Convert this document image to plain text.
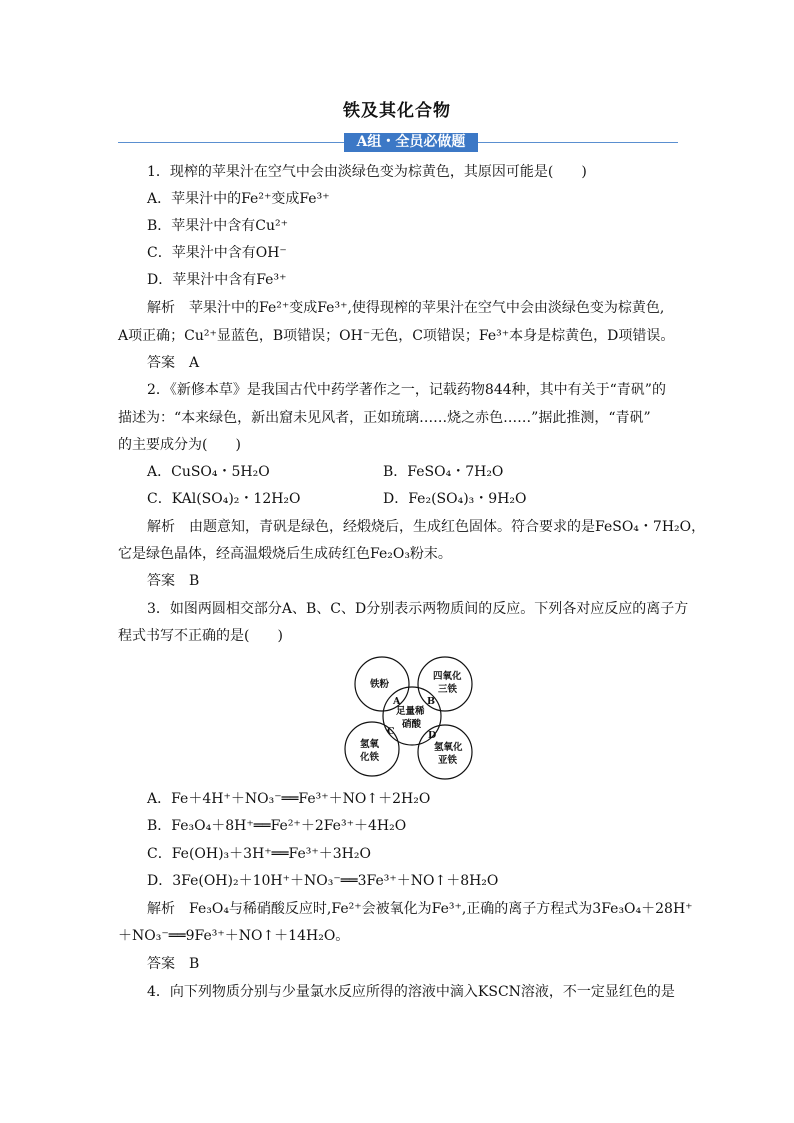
铁及其化合物
A组・全员必做题
1．现榨的苹果汁在空气中会由淡绿色变为棕黄色，其原因可能是(　　)
A．苹果汁中的Fe²⁺变成Fe³⁺
B．苹果汁中含有Cu²⁺
C．苹果汁中含有OH⁻
D．苹果汁中含有Fe³⁺
解析　苹果汁中的Fe²⁺变成Fe³⁺,使得现榨的苹果汁在空气中会由淡绿色变为棕黄色,
A项正确；Cu²⁺显蓝色，B项错误；OH⁻无色，C项错误；Fe³⁺本身是棕黄色，D项错误。
答案　A
2．《新修本草》是我国古代中药学著作之一，记载药物844种，其中有关于“青矾”的
描述为：“本来绿色，新出窟未见风者，正如琉璃……烧之赤色……”据此推测，“青矾”
的主要成分为(　　)
A．CuSO₄・5H₂O	B．FeSO₄・7H₂O
C．KAl(SO₄)₂・12H₂O	D．Fe₂(SO₄)₃・9H₂O
解析　由题意知，青矾是绿色，经煅烧后，生成红色固体。符合要求的是FeSO₄・7H₂O，
它是绿色晶体，经高温煅烧后生成砖红色Fe₂O₃粉末。
答案　B
3．如图两圆相交部分A、B、C、D分别表示两物质间的反应。下列各对应反应的离子方
程式书写不正确的是(　　)
铁粉
四氧化
三铁
足量稀
硝酸
氢氧
化铁
氢氧化
亚铁
A	B
C	D
A．Fe＋4H⁺＋NO₃⁻══Fe³⁺＋NO↑＋2H₂O
B．Fe₃O₄＋8H⁺══Fe²⁺＋2Fe³⁺＋4H₂O
C．Fe(OH)₃＋3H⁺══Fe³⁺＋3H₂O
D．3Fe(OH)₂＋10H⁺＋NO₃⁻══3Fe³⁺＋NO↑＋8H₂O
解析　Fe₃O₄与稀硝酸反应时,Fe²⁺会被氧化为Fe³⁺,正确的离子方程式为3Fe₃O₄＋28H⁺
＋NO₃⁻══9Fe³⁺＋NO↑＋14H₂O。
答案　B
4．向下列物质分别与少量氯水反应所得的溶液中滴入KSCN溶液，不一定显红色的是
